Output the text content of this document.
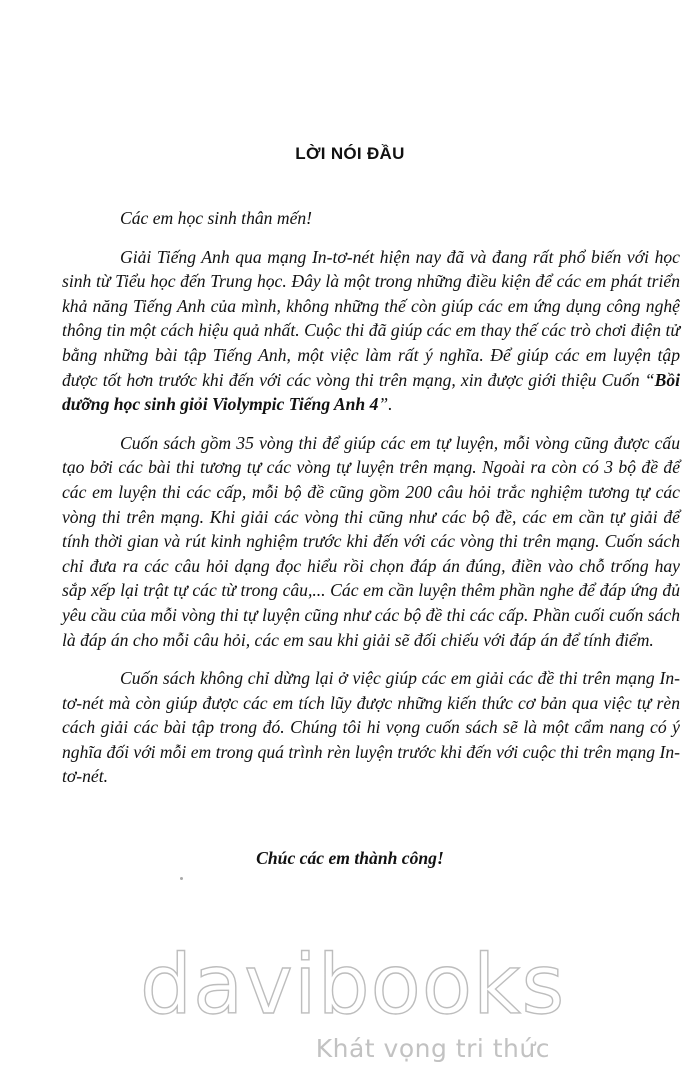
LỜI NÓI ĐẦU

Các em học sinh thân mến!

Giải Tiếng Anh qua mạng In-tơ-nét hiện nay đã và đang rất phổ biến với học sinh từ Tiểu học đến Trung học. Đây là một trong những điều kiện để các em phát triển khả năng Tiếng Anh của mình, không những thế còn giúp các em ứng dụng công nghệ thông tin một cách hiệu quả nhất. Cuộc thi đã giúp các em thay thế các trò chơi điện tử bằng những bài tập Tiếng Anh, một việc làm rất ý nghĩa. Để giúp các em luyện tập được tốt hơn trước khi đến với các vòng thi trên mạng, xin được giới thiệu Cuốn “Bồi dưỡng học sinh giỏi Violympic Tiếng Anh 4”.

Cuốn sách gồm 35 vòng thi để giúp các em tự luyện, mỗi vòng cũng được cấu tạo bởi các bài thi tương tự các vòng tự luyện trên mạng. Ngoài ra còn có 3 bộ đề để các em luyện thi các cấp, mỗi bộ đề cũng gồm 200 câu hỏi trắc nghiệm tương tự các vòng thi trên mạng. Khi giải các vòng thi cũng như các bộ đề, các em cần tự giải để tính thời gian và rút kinh nghiệm trước khi đến với các vòng thi trên mạng. Cuốn sách chỉ đưa ra các câu hỏi dạng đọc hiểu rồi chọn đáp án đúng, điền vào chỗ trống hay sắp xếp lại trật tự các từ trong câu,... Các em cần luyện thêm phần nghe để đáp ứng đủ yêu cầu của mỗi vòng thi tự luyện cũng như các bộ đề thi các cấp. Phần cuối cuốn sách là đáp án cho mỗi câu hỏi, các em sau khi giải sẽ đối chiếu với đáp án để tính điểm.

Cuốn sách không chỉ dừng lại ở việc giúp các em giải các đề thi trên mạng In-tơ-nét mà còn giúp được các em tích lũy được những kiến thức cơ bản qua việc tự rèn cách giải các bài tập trong đó. Chúng tôi hi vọng cuốn sách sẽ là một cẩm nang có ý nghĩa đối với mỗi em trong quá trình rèn luyện trước khi đến với cuộc thi trên mạng In-tơ-nét.

Chúc các em thành công!
davibooks
Khát vọng tri thức
